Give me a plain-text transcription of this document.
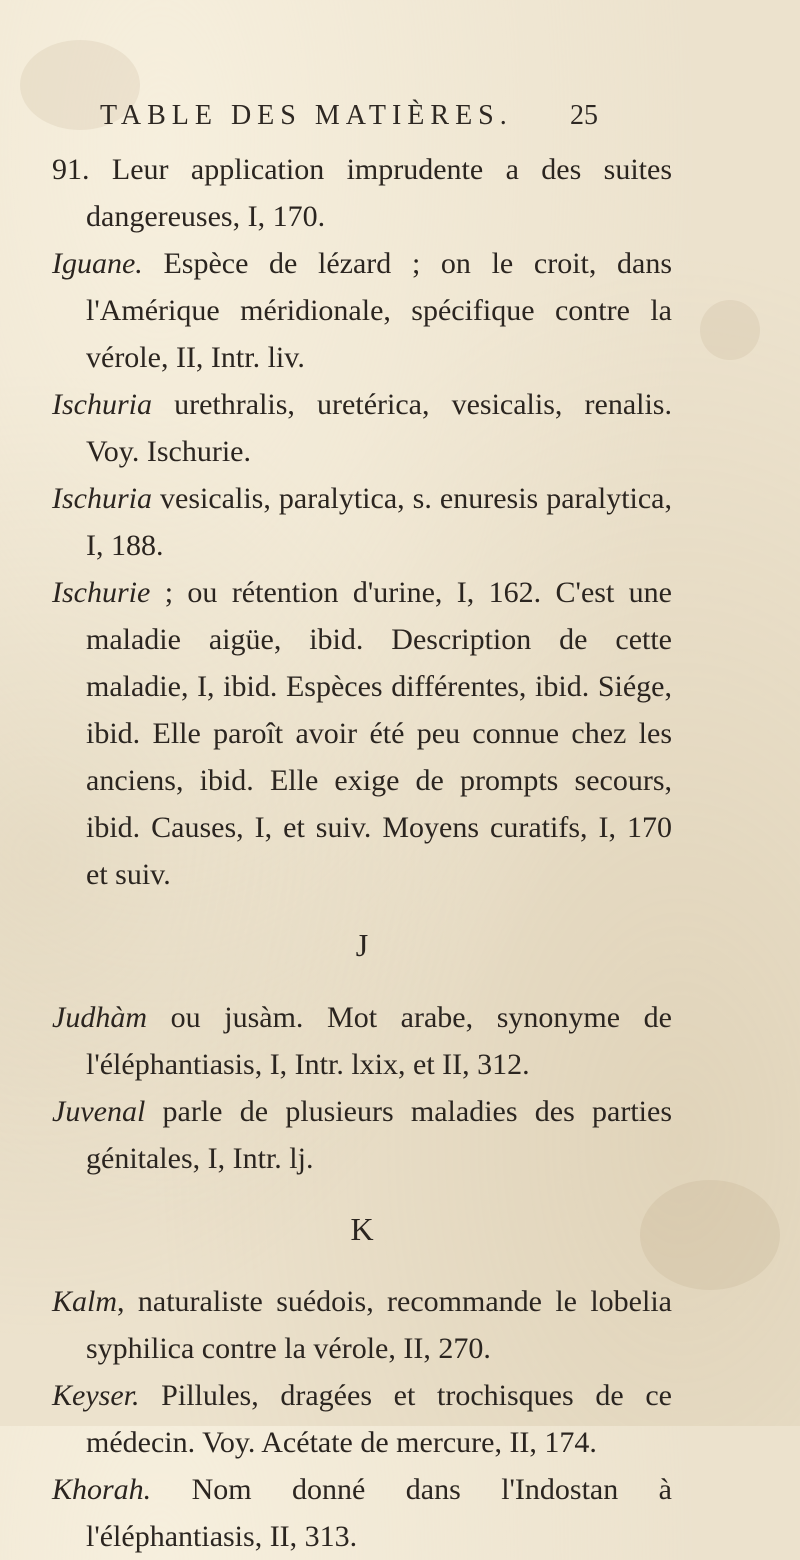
TABLE DES MATIÈRES. 25

91. Leur application imprudente a des suites dangereuses, I, 170.

Iguane. Espèce de lézard ; on le croit, dans l'Amérique méridionale, spécifique contre la vérole, II, Intr. liv.

Ischuria urethralis, uretérica, vesicalis, renalis. Voy. Ischurie.

Ischuria vesicalis, paralytica, s. enuresis paralytica, I, 188.

Ischurie ; ou rétention d'urine, I, 162. C'est une maladie aigüe, ibid. Description de cette maladie, I, ibid. Espèces différentes, ibid. Siége, ibid. Elle paroît avoir été peu connue chez les anciens, ibid. Elle exige de prompts secours, ibid. Causes, I, et suiv. Moyens curatifs, I, 170 et suiv.

J

Judhàm ou jusàm. Mot arabe, synonyme de l'éléphantiasis, I, Intr. lxix, et II, 312.

Juvenal parle de plusieurs maladies des parties génitales, I, Intr. lj.

K

Kalm, naturaliste suédois, recommande le lobelia syphilica contre la vérole, II, 270.

Keyser. Pillules, dragées et trochisques de ce médecin. Voy. Acétate de mercure, II, 174.

Khorah. Nom donné dans l'Indostan à l'éléphantiasis, II, 313.
